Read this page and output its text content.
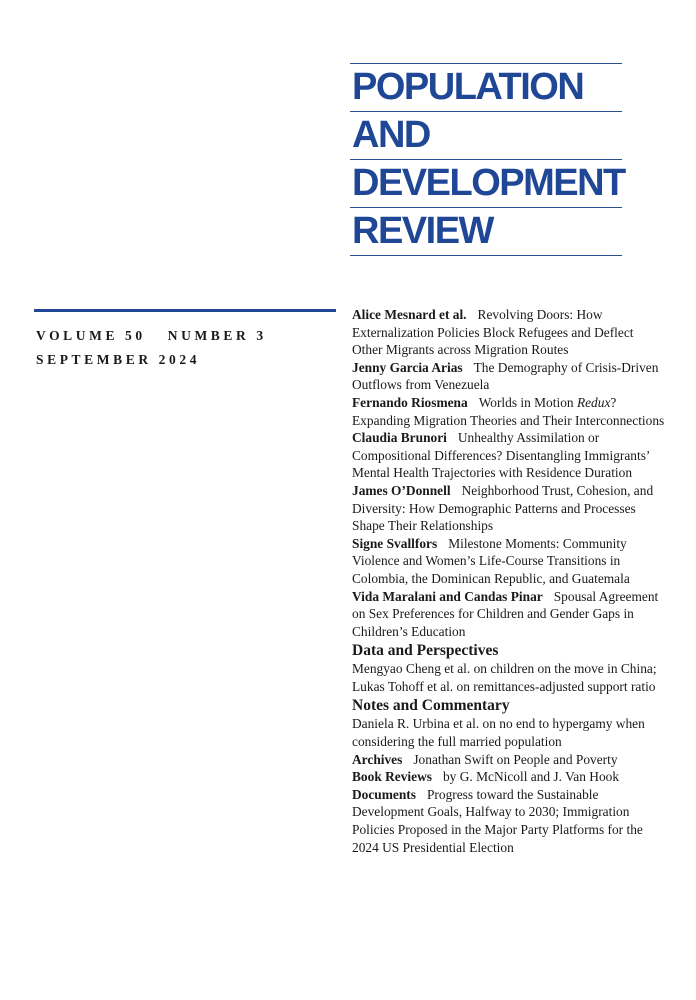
POPULATION
AND
DEVELOPMENT
REVIEW
VOLUME 50 NUMBER 3
SEPTEMBER 2024

Alice Mesnard et al. Revolving Doors: How Externalization Policies Block Refugees and Deflect Other Migrants across Migration Routes

Jenny Garcia Arias The Demography of Crisis-Driven Outflows from Venezuela

Fernando Riosmena Worlds in Motion Redux? Expanding Migration Theories and Their Interconnections

Claudia Brunori Unhealthy Assimilation or Compositional Differences? Disentangling Immigrants’ Mental Health Trajectories with Residence Duration

James O’Donnell Neighborhood Trust, Cohesion, and Diversity: How Demographic Patterns and Processes Shape Their Relationships

Signe Svallfors Milestone Moments: Community Violence and Women’s Life-Course Transitions in Colombia, the Dominican Republic, and Guatemala

Vida Maralani and Candas Pinar Spousal Agreement on Sex Preferences for Children and Gender Gaps in Children’s Education

Data and Perspectives

Mengyao Cheng et al. on children on the move in China; Lukas Tohoff et al. on remittances-adjusted support ratio

Notes and Commentary

Daniela R. Urbina et al. on no end to hypergamy when considering the full married population

Archives Jonathan Swift on People and Poverty

Book Reviews by G. McNicoll and J. Van Hook

Documents Progress toward the Sustainable Development Goals, Halfway to 2030; Immigration Policies Proposed in the Major Party Platforms for the 2024 US Presidential Election
